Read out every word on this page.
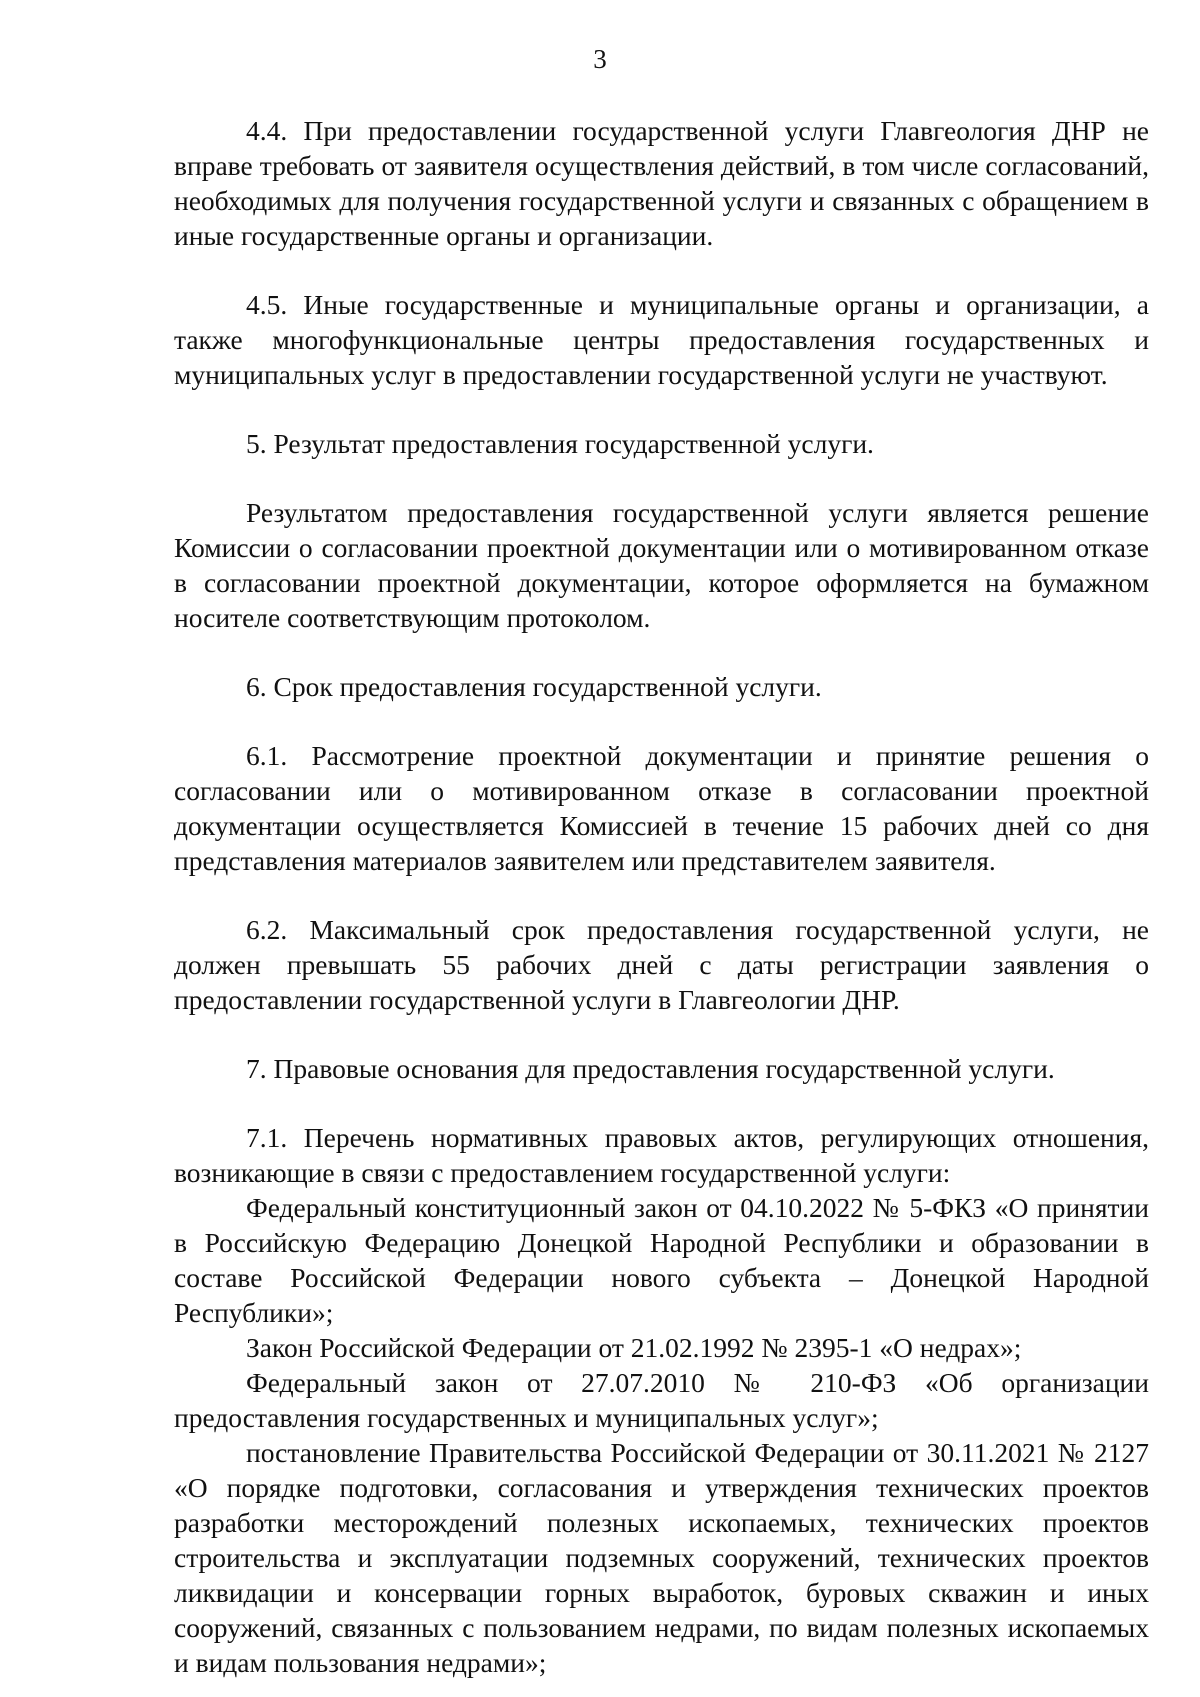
3

4.4. При предоставлении государственной услуги Главгеология ДНР не вправе требовать от заявителя осуществления действий, в том числе согласований, необходимых для получения государственной услуги и связанных с обращением в иные государственные органы и организации.

4.5. Иные государственные и муниципальные органы и организации, а также многофункциональные центры предоставления государственных и муниципальных услуг в предоставлении государственной услуги не участвуют.

5. Результат предоставления государственной услуги.

Результатом предоставления государственной услуги является решение Комиссии о согласовании проектной документации или о мотивированном отказе в согласовании проектной документации, которое оформляется на бумажном носителе соответствующим протоколом.

6. Срок предоставления государственной услуги.

6.1. Рассмотрение проектной документации и принятие решения о согласовании или о мотивированном отказе в согласовании проектной документации осуществляется Комиссией в течение 15 рабочих дней со дня представления материалов заявителем или представителем заявителя.

6.2. Максимальный срок предоставления государственной услуги, не должен превышать 55 рабочих дней с даты регистрации заявления о предоставлении государственной услуги в Главгеологии ДНР.

7. Правовые основания для предоставления государственной услуги.

7.1. Перечень нормативных правовых актов, регулирующих отношения, возникающие в связи с предоставлением государственной услуги:

Федеральный конституционный закон от 04.10.2022 № 5-ФКЗ «О принятии в Российскую Федерацию Донецкой Народной Республики и образовании в составе Российской Федерации нового субъекта – Донецкой Народной Республики»;

Закон Российской Федерации от 21.02.1992 № 2395-1 «О недрах»;

Федеральный закон от 27.07.2010 № 210-ФЗ «Об организации предоставления государственных и муниципальных услуг»;

постановление Правительства Российской Федерации от 30.11.2021 № 2127 «О порядке подготовки, согласования и утверждения технических проектов разработки месторождений полезных ископаемых, технических проектов строительства и эксплуатации подземных сооружений, технических проектов ликвидации и консервации горных выработок, буровых скважин и иных сооружений, связанных с пользованием недрами, по видам полезных ископаемых и видам пользования недрами»;
